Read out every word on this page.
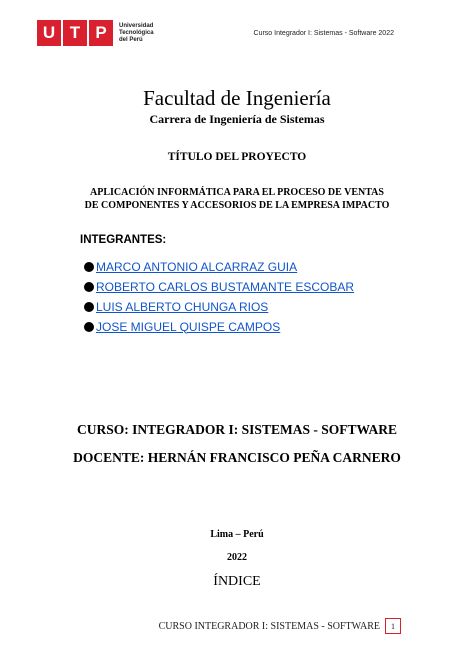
U T P	Universidad
Tecnológica
del Perú
Curso Integrador I: Sistemas - Software 2022
Facultad de Ingeniería
Carrera de Ingeniería de Sistemas
TÍTULO DEL PROYECTO
APLICACIÓN INFORMÁTICA PARA EL PROCESO DE VENTAS
DE COMPONENTES Y ACCESORIOS DE LA EMPRESA IMPACTO
INTEGRANTES:
MARCO ANTONIO ALCARRAZ GUIA
ROBERTO CARLOS BUSTAMANTE ESCOBAR
LUIS ALBERTO CHUNGA RIOS
JOSE MIGUEL QUISPE CAMPOS
CURSO: INTEGRADOR I: SISTEMAS - SOFTWARE
DOCENTE: HERNÁN FRANCISCO PEÑA CARNERO
Lima – Perú
2022
ÍNDICE
CURSO INTEGRADOR I: SISTEMAS - SOFTWARE	1
